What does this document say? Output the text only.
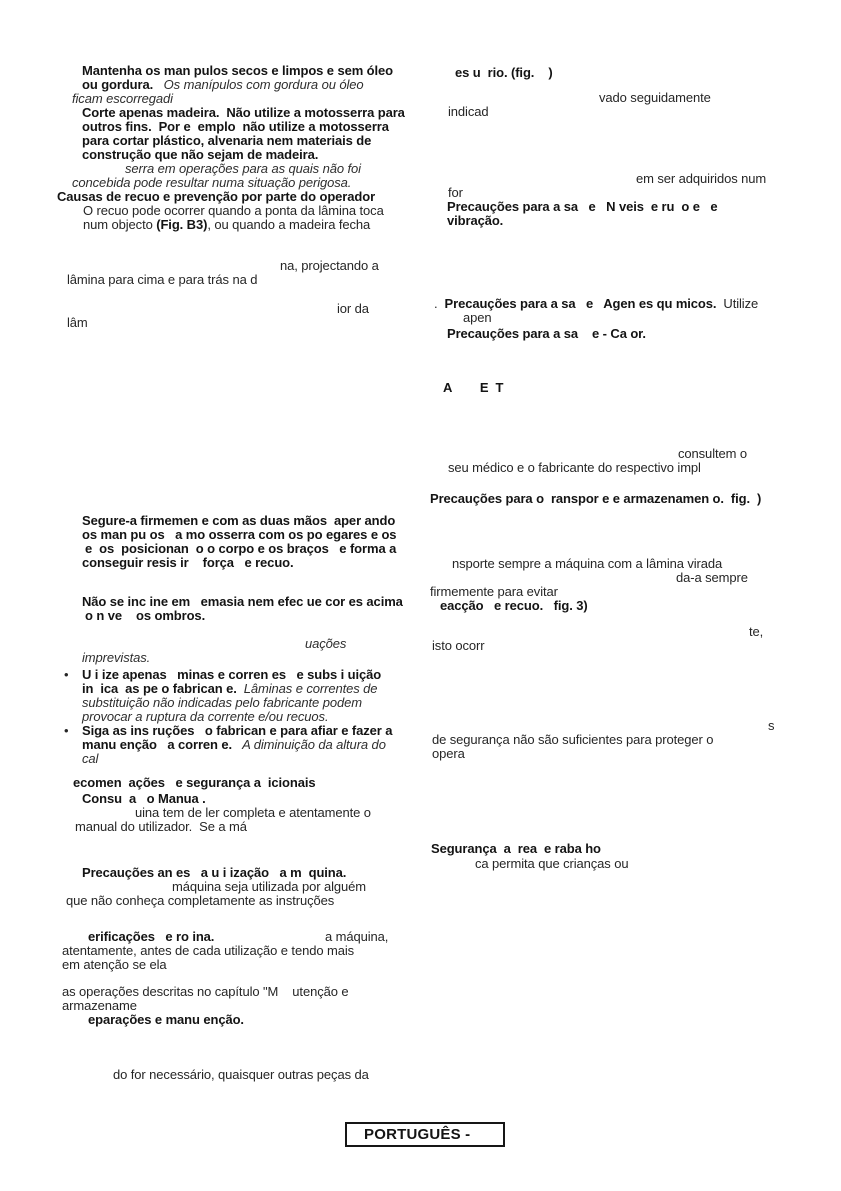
Mantenha os man pulos secos e limpos e sem óleo
ou gordura.   Os manípulos com gordura ou óleo
ficam escorregadi
Corte apenas madeira.  Não utilize a motosserra para
outros fins.  Por e  emplo  não utilize a motosserra
para cortar plástico, alvenaria nem materiais de
construção que não sejam de madeira.
serra em operações para as quais não foi
concebida pode resultar numa situação perigosa.
Causas de recuo e prevenção por parte do operador
O recuo pode ocorrer quando a ponta da lâmina toca
num objecto (Fig. B3), ou quando a madeira fecha
na, projectando a
lâmina para cima e para trás na d
ior da
lâm
Segure-a firmemen e com as duas mãos  aper ando
os man pu os   a mo osserra com os po egares e os
e  os  posicionan  o o corpo e os braços   e forma a
conseguir resis ir    força   e recuo.
Não se inc ine em   emasia nem efec ue cor es acima
o n ve    os ombros.
uações
imprevistas.
• U i ize apenas   minas e corren es   e subs i uição
in  ica  as pe o fabrican e.  Lâminas e correntes de
substituição não indicadas pelo fabricante podem
provocar a ruptura da corrente e/ou recuos.
• Siga as ins ruções   o fabrican e para afiar e fazer a
manu enção   a corren e.   A diminuição da altura do
cal
ecomen  ações   e segurança a  icionais
Consu  a   o Manua .
uina tem de ler completa e atentamente o
manual do utilizador.  Se a má
Precauções an es   a u i ização   a m  quina.
máquina seja utilizada por alguém
que não conheça completamente as instruções
erificações   e ro ina.	a máquina,
atentamente, antes de cada utilização e tendo mais
em atenção se ela
as operações descritas no capítulo "M    utenção e
armazename
eparações e manu enção.
do for necessário, quaisquer outras peças da
es u  rio. (fig.    )
vado seguidamente
indicad
em ser adquiridos num
for
Precauções para a sa   e   N veis  e ru  o e   e
vibração.
.  Precauções para a sa   e   Agen es qu micos.  Utilize
apen
Precauções para a sa    e - Ca or.
A        E  T
consultem o
seu médico e o fabricante do respectivo impl
Precauções para o  ranspor e e armazenamen o.  fig.  )
nsporte sempre a máquina com a lâmina virada
da-a sempre
firmemente para evitar
eacção   e recuo.   fig. 3)
te,
isto ocorr
s
de segurança não são suficientes para proteger o
opera
Segurança  a  rea  e raba ho
ca permita que crianças ou
PORTUGUÊS -
